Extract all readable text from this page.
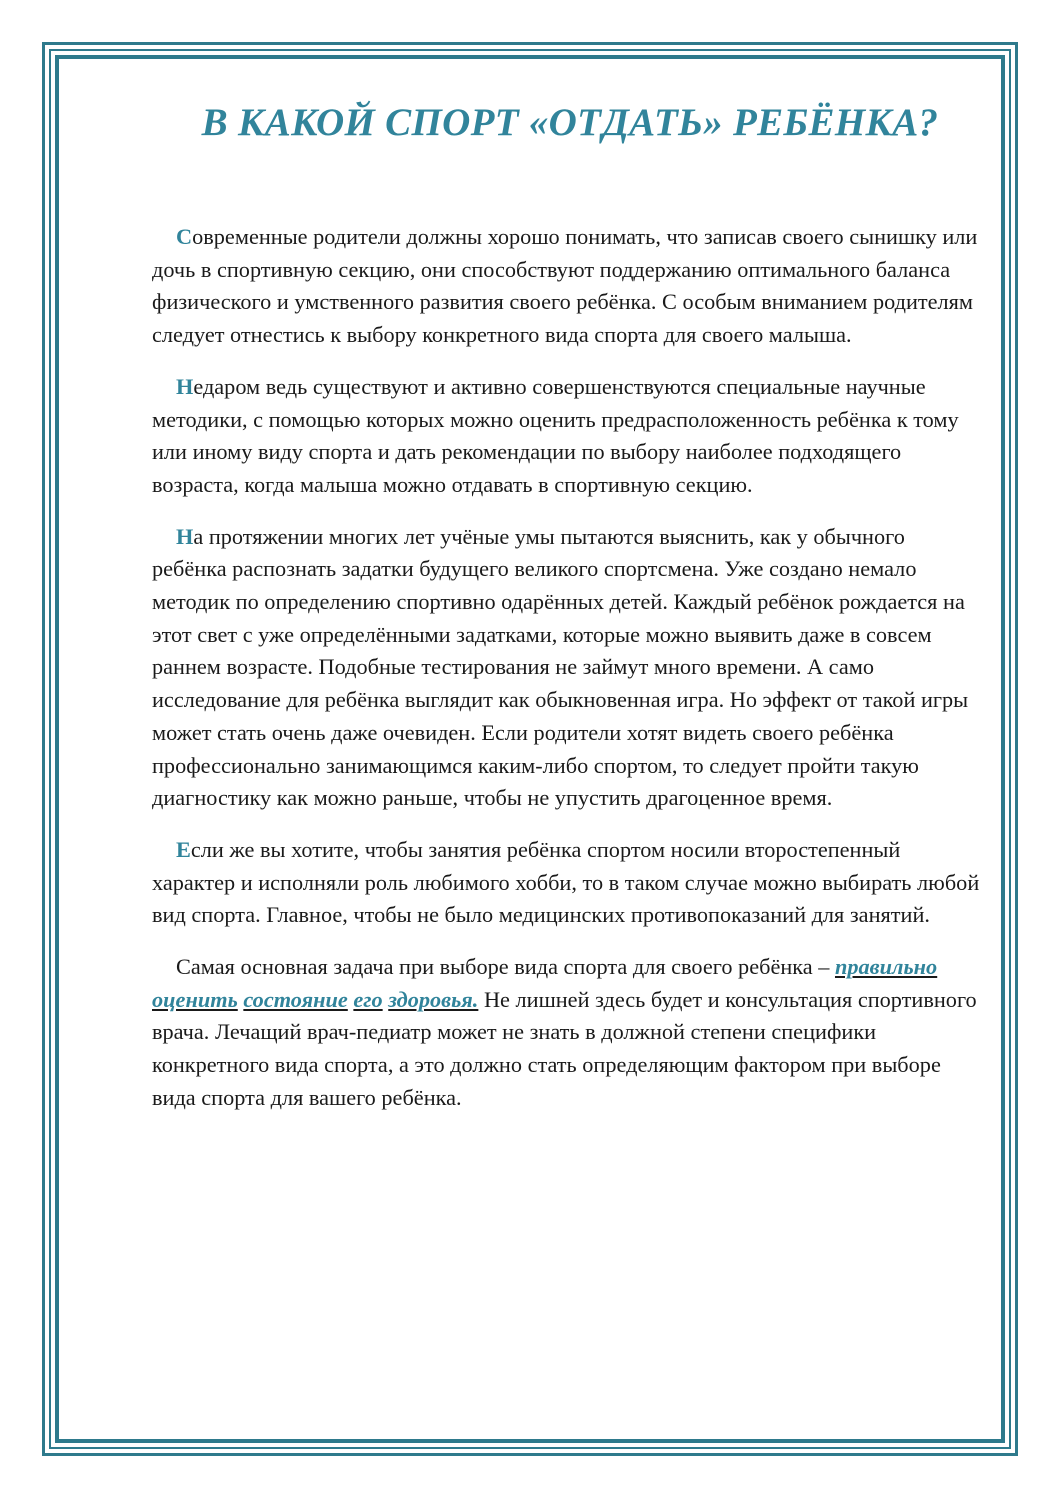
В КАКОЙ СПОРТ «ОТДАТЬ» РЕБЁНКА?

Современные родители должны хорошо понимать, что записав своего сынишку или дочь в спортивную секцию, они способствуют поддержанию оптимального баланса физического и умственного развития своего ребёнка. С особым вниманием родителям следует отнестись к выбору конкретного вида спорта для своего малыша.

Недаром ведь существуют и активно совершенствуются специальные научные методики, с помощью которых можно оценить предрасположенность ребёнка к тому или иному виду спорта и дать рекомендации по выбору наиболее подходящего возраста, когда малыша можно отдавать в спортивную секцию.

На протяжении многих лет учёные умы пытаются выяснить, как у обычного ребёнка распознать задатки будущего великого спортсмена. Уже создано немало методик по определению спортивно одарённых детей. Каждый ребёнок рождается на этот свет с уже определёнными задатками, которые можно выявить даже в совсем раннем возрасте. Подобные тестирования не займут много времени. А само исследование для ребёнка выглядит как обыкновенная игра. Но эффект от такой игры может стать очень даже очевиден. Если родители хотят видеть своего ребёнка профессионально занимающимся каким-либо спортом, то следует пройти такую диагностику как можно раньше, чтобы не упустить драгоценное время.

Если же вы хотите, чтобы занятия ребёнка спортом носили второстепенный характер и исполняли роль любимого хобби, то в таком случае можно выбирать любой вид спорта. Главное, чтобы не было медицинских противопоказаний для занятий.

Самая основная задача при выборе вида спорта для своего ребёнка – правильно оценить состояние его здоровья. Не лишней здесь будет и консультация спортивного врача. Лечащий врач-педиатр может не знать в должной степени специфики конкретного вида спорта, а это должно стать определяющим фактором при выборе вида спорта для вашего ребёнка.
